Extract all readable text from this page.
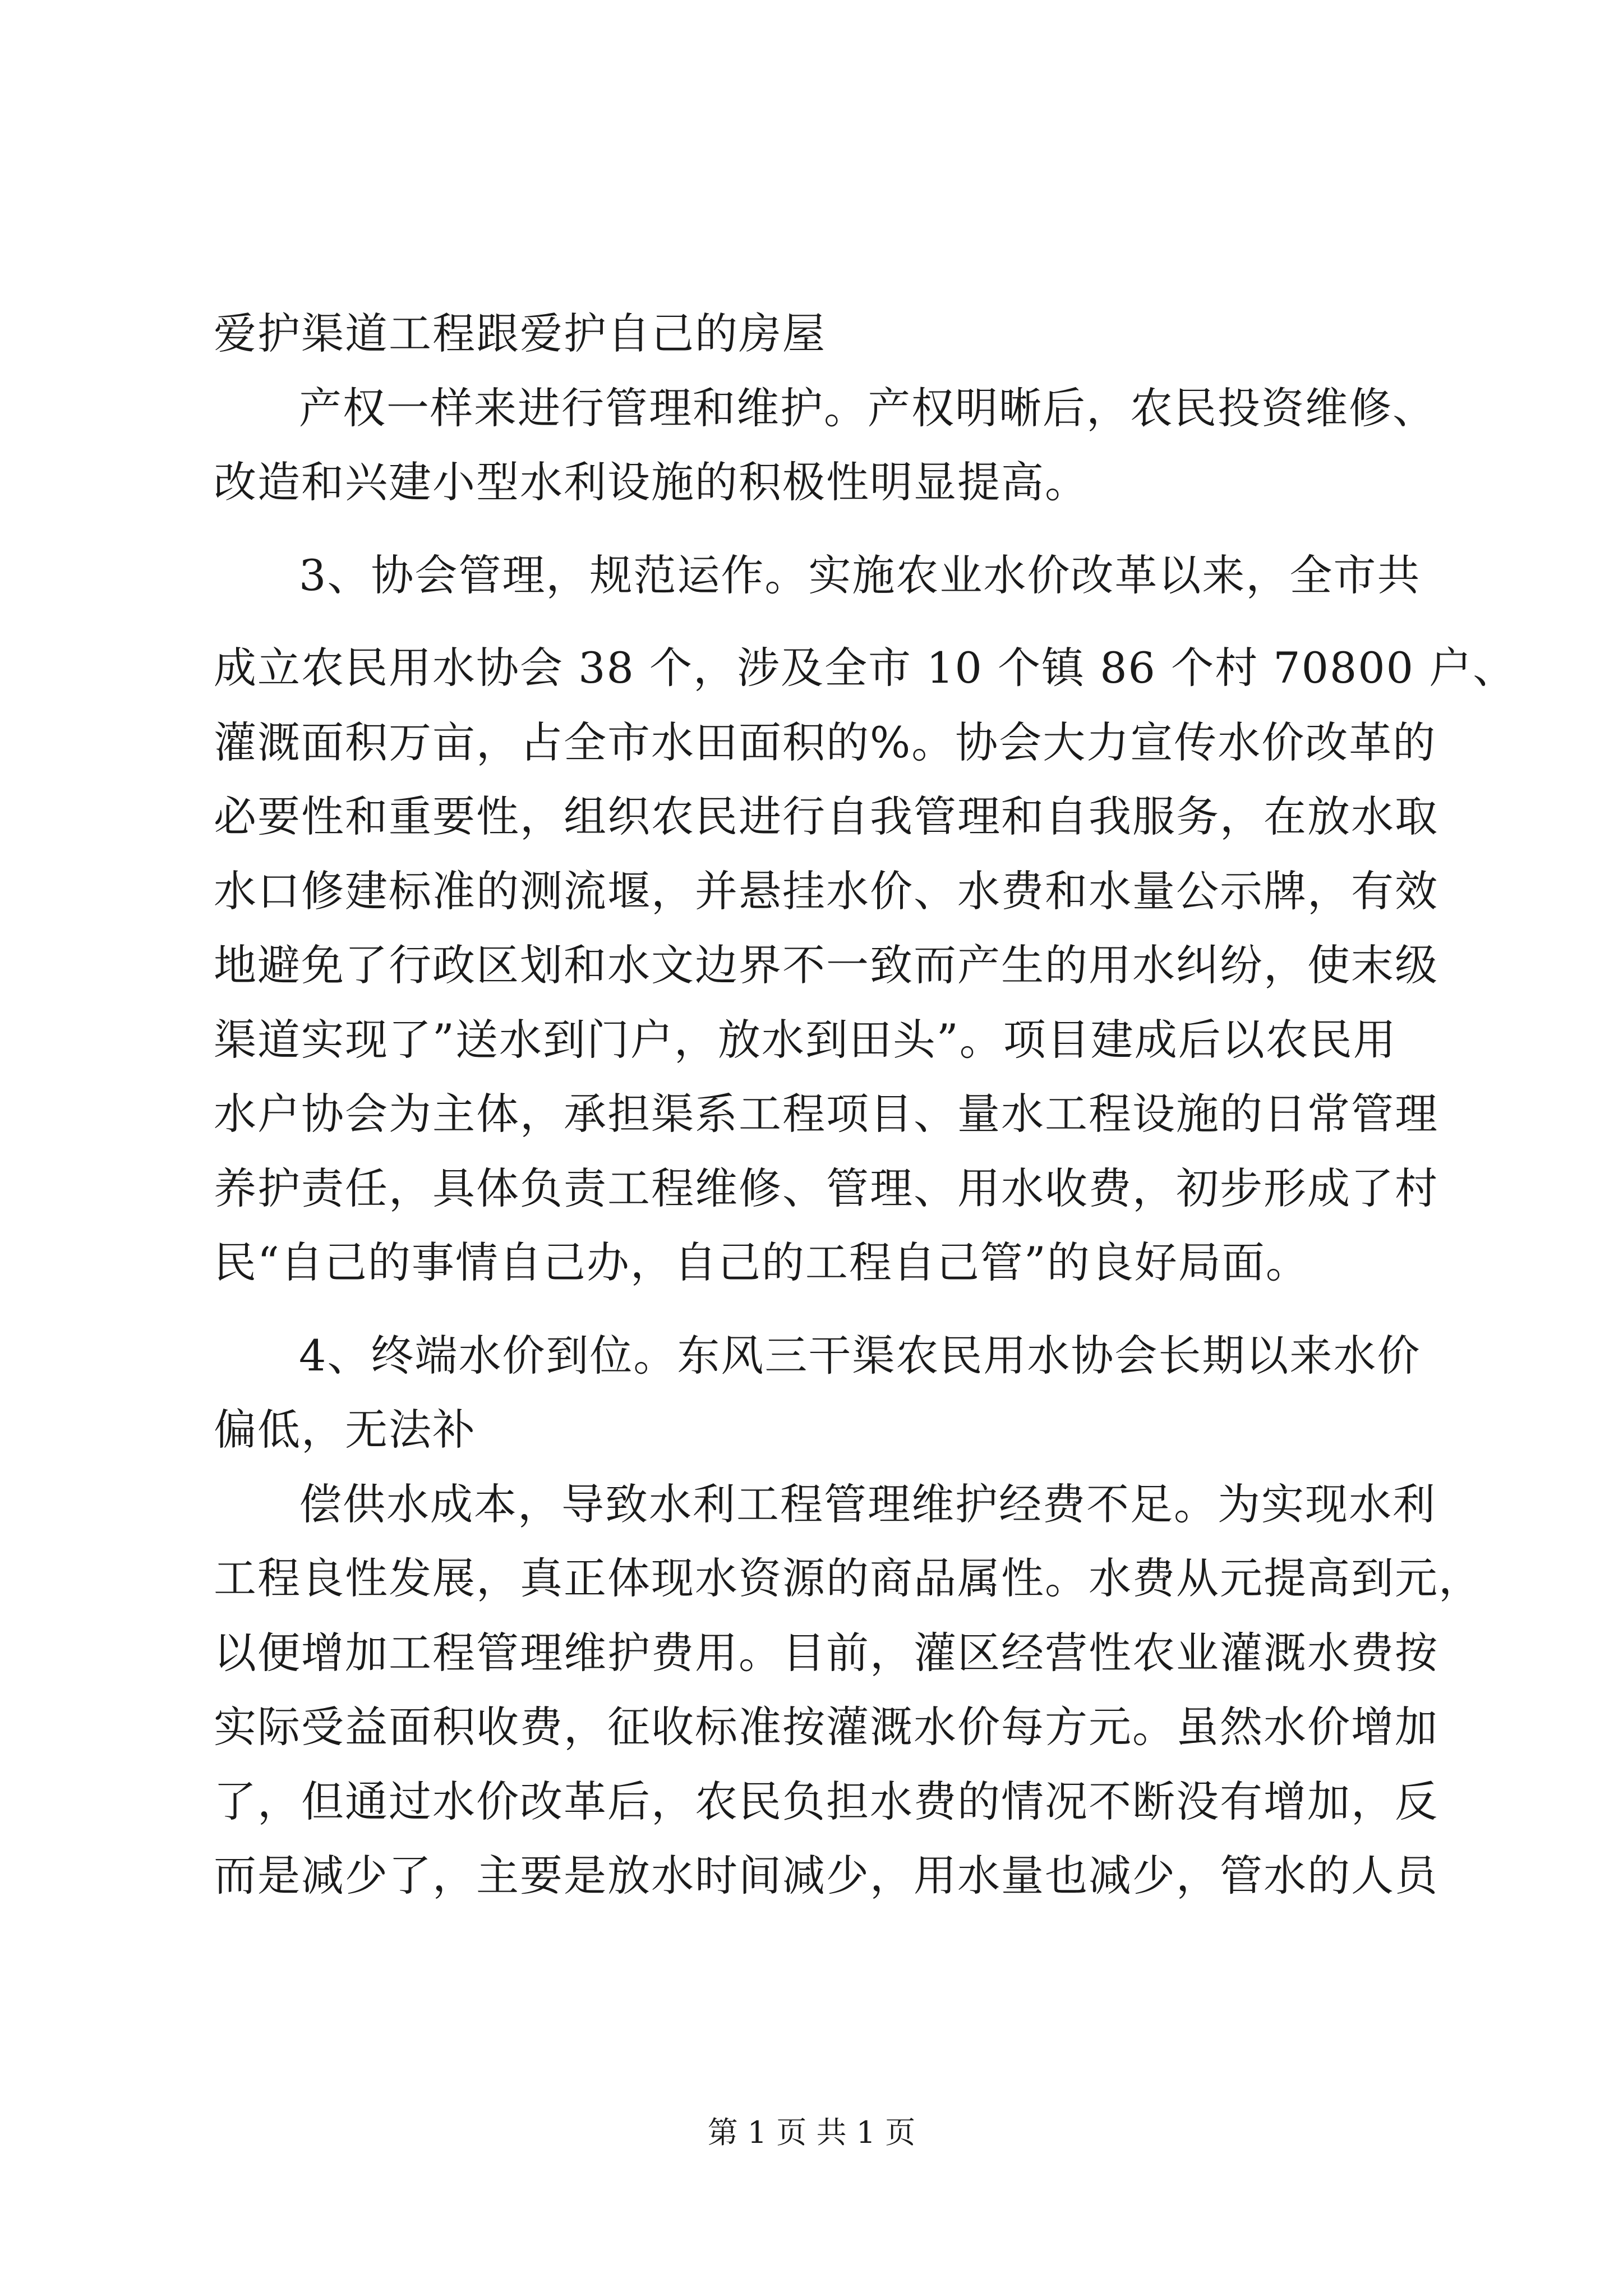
爱护渠道工程跟爱护自己的房屋
产权一样来进行管理和维护。产权明晰后，农民投资维修、
改造和兴建小型水利设施的积极性明显提高。
3、协会管理，规范运作。实施农业水价改革以来，全市共
成立农民用水协会 38 个，涉及全市 10 个镇 86 个村 70800 户、
灌溉面积万亩，占全市水田面积的%。协会大力宣传水价改革的
必要性和重要性，组织农民进行自我管理和自我服务，在放水取
水口修建标准的测流堰，并悬挂水价、水费和水量公示牌，有效
地避免了行政区划和水文边界不一致而产生的用水纠纷，使末级
渠道实现了”送水到门户，放水到田头”。项目建成后以农民用
水户协会为主体，承担渠系工程项目、量水工程设施的日常管理
养护责任，具体负责工程维修、管理、用水收费，初步形成了村
民“自己的事情自己办，自己的工程自己管”的良好局面。
4、终端水价到位。东风三干渠农民用水协会长期以来水价
偏低，无法补
偿供水成本，导致水利工程管理维护经费不足。为实现水利
工程良性发展，真正体现水资源的商品属性。水费从元提高到元，
以便增加工程管理维护费用。目前，灌区经营性农业灌溉水费按
实际受益面积收费，征收标准按灌溉水价每方元。虽然水价增加
了，但通过水价改革后，农民负担水费的情况不断没有增加，反
而是减少了，主要是放水时间减少，用水量也减少，管水的人员
第 1 页 共 1 页
